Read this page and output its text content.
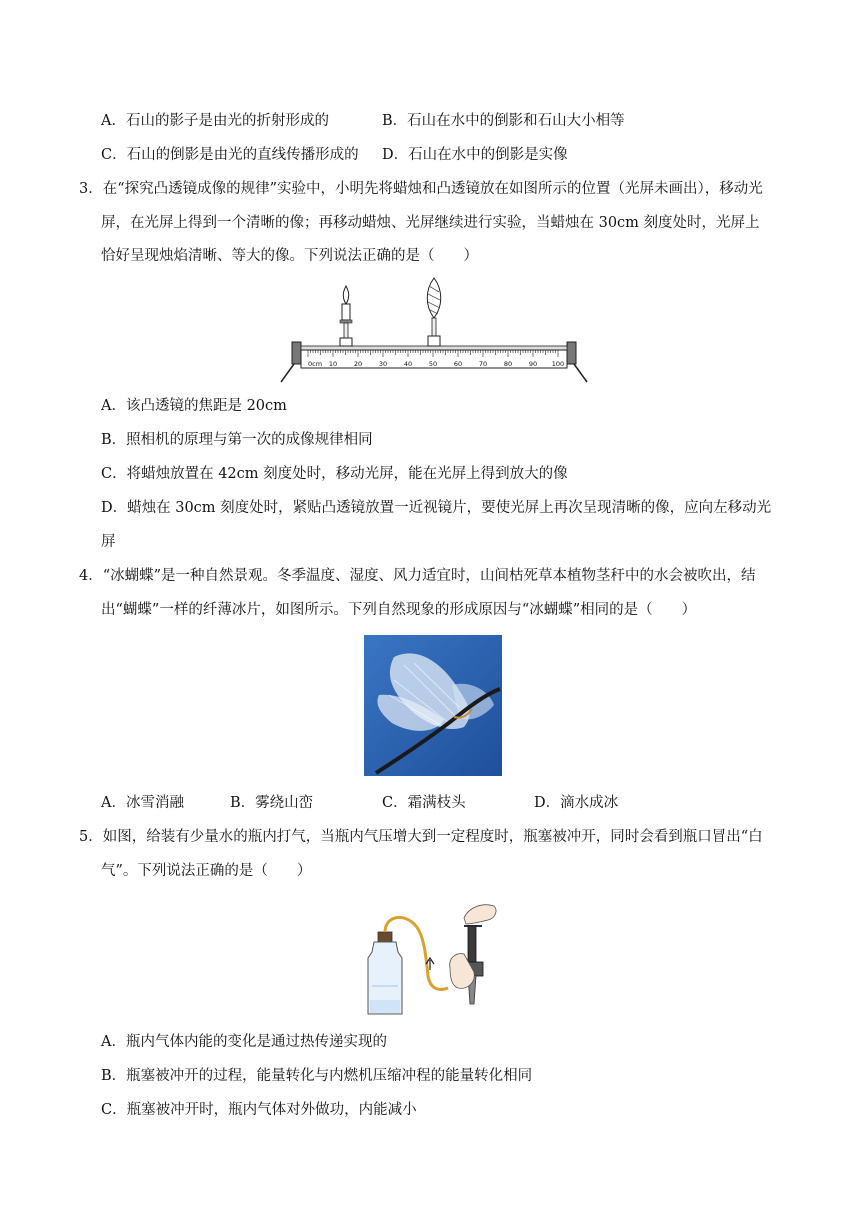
A．石山的影子是由光的折射形成的	B．石山在水中的倒影和石山大小相等
C．石山的倒影是由光的直线传播形成的 D．石山在水中的倒影是实像
3．在“探究凸透镜成像的规律”实验中，小明先将蜡烛和凸透镜放在如图所示的位置（光屏未画出），移动光
屏，在光屏上得到一个清晰的像；再移动蜡烛、光屏继续进行实验，当蜡烛在 30cm 刻度处时，光屏上
恰好呈现烛焰清晰、等大的像。下列说法正确的是（　　）
0cm 10	20	30	40	50	60	70	80	90 100
A．该凸透镜的焦距是 20cm
B．照相机的原理与第一次的成像规律相同
C．将蜡烛放置在 42cm 刻度处时，移动光屏，能在光屏上得到放大的像
D．蜡烛在 30cm 刻度处时，紧贴凸透镜放置一近视镜片，要使光屏上再次呈现清晰的像，应向左移动光
屏
4．“冰蝴蝶”是一种自然景观。冬季温度、湿度、风力适宜时，山间枯死草本植物茎秆中的水会被吹出，结
出“蝴蝶”一样的纤薄冰片，如图所示。下列自然现象的形成原因与“冰蝴蝶”相同的是（　　）
A．冰雪消融	B．雾绕山峦	C．霜满枝头	D．滴水成冰
5．如图，给装有少量水的瓶内打气，当瓶内气压增大到一定程度时，瓶塞被冲开，同时会看到瓶口冒出“白
气”。下列说法正确的是（　　）
A．瓶内气体内能的变化是通过热传递实现的
B．瓶塞被冲开的过程，能量转化与内燃机压缩冲程的能量转化相同
C．瓶塞被冲开时，瓶内气体对外做功，内能减小
